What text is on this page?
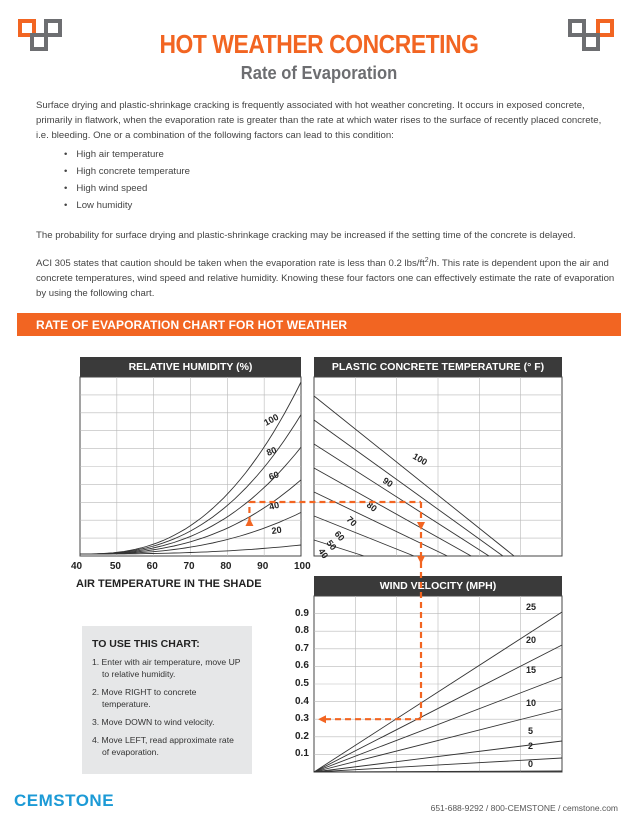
HOT WEATHER CONCRETING
Rate of Evaporation

Surface drying and plastic-shrinkage cracking is frequently associated with hot weather concreting. It occurs in exposed concrete, primarily in flatwork, when the evaporation rate is greater than the rate at which water rises to the surface of recently placed concrete, i.e. bleeding. One or a combination of the following factors can lead to this condition:

• High air temperature
• High concrete temperature
• High wind speed
• Low humidity

The probability for surface drying and plastic-shrinkage cracking may be increased if the setting time of the concrete is delayed.

ACI 305 states that caution should be taken when the evaporation rate is less than 0.2 lbs/$ft^2/h$. This rate is dependent upon the air and concrete temperatures, wind speed and relative humidity. Knowing these four factors one can effectively estimate the rate of evaporation by using the following chart.

RATE OF EVAPORATION CHART FOR HOT WEATHER
RELATIVE HUMIDITY (%)	PLASTIC CONCRETE TEMPERATURE (° F)
WIND VELOCITY (MPH)
40	50	60	70	80	90	100
AIR TEMPERATURE IN THE SHADE
0.9
0.8
0.7
0.6
0.5
0.4
0.3
0.2
0.1
100
80
60
40
20
100
90
80
70
60
50
40
25
20
15
10
5
2
0
TO USE THIS CHART:
1. Enter with air temperature, move UP to relative humidity.
2. Move RIGHT to concrete temperature.
3. Move DOWN to wind velocity.
4. Move LEFT, read approximate rate of evaporation.
CEMSTONE	651-688-9292 / 800-CEMSTONE / cemstone.com
